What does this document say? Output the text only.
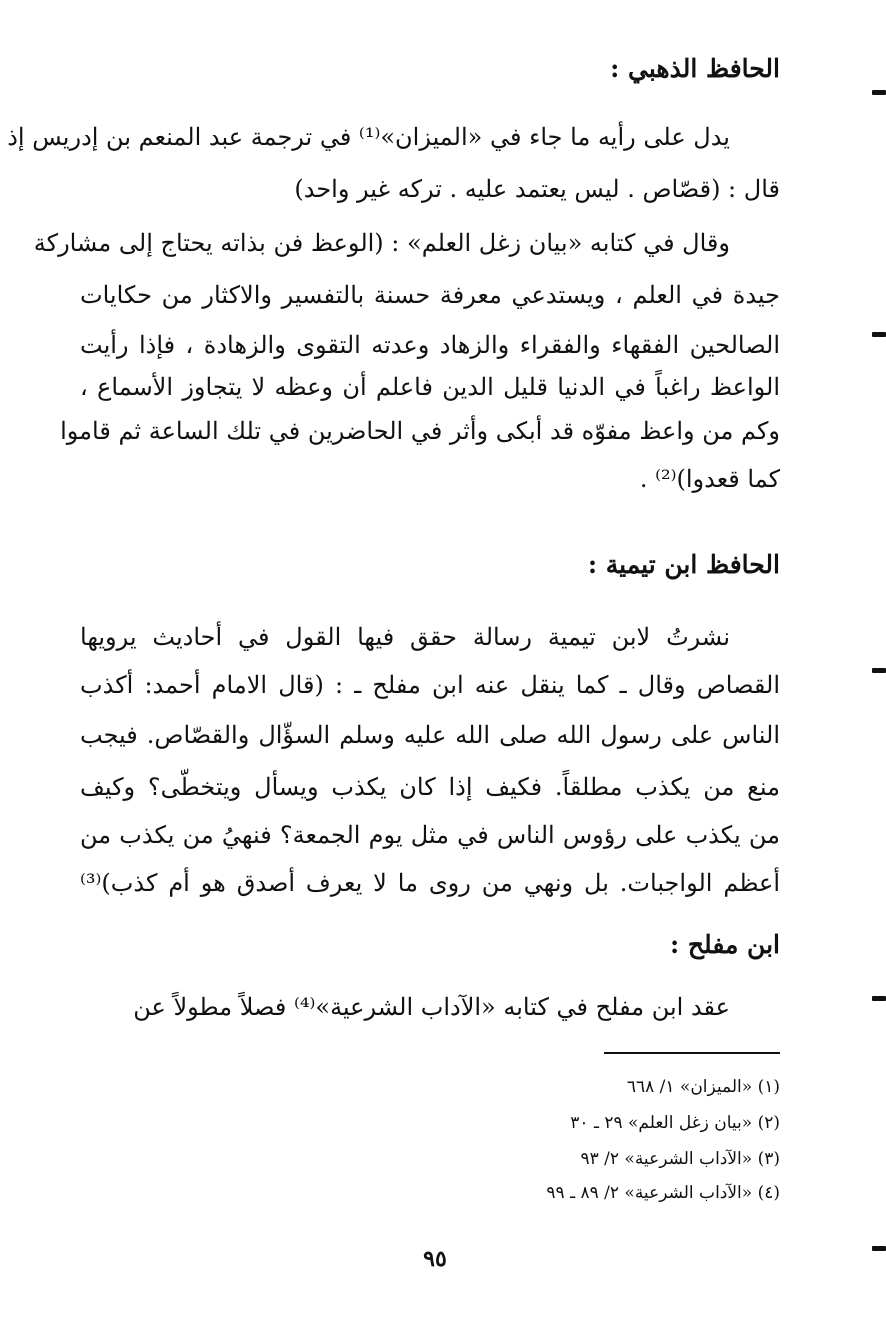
الحافظ الذهبي :
يدل على رأيه ما جاء في «الميزان»⁽¹⁾ في ترجمة عبد المنعم بن إدريس إذ
قال : (قصّاص . ليس يعتمد عليه . تركه غير واحد)
وقال في كتابه «بيان زغل العلم» : (الوعظ فن بذاته يحتاج إلى مشاركة
جيدة في العلم ، ويستدعي معرفة حسنة بالتفسير والاكثار من حكايات
الصالحين الفقهاء والفقراء والزهاد وعدته التقوى والزهادة ، فإذا رأيت
الواعظ راغباً في الدنيا قليل الدين فاعلم أن وعظه لا يتجاوز الأسماع ،
وكم من واعظ مفوّه قد أبكى وأثر في الحاضرين في تلك الساعة ثم قاموا
كما قعدوا)⁽²⁾ .
الحافظ ابن تيمية :
نشرتُ لابن تيمية رسالة حقق فيها القول في أحاديث يرويها
القصاص وقال ـ كما ينقل عنه ابن مفلح ـ : (قال الامام أحمد: أكذب
الناس على رسول الله صلى الله عليه وسلم السؤّال والقصّاص. فيجب
منع من يكذب مطلقاً. فكيف إذا كان يكذب ويسأل ويتخطّى؟ وكيف
من يكذب على رؤوس الناس في مثل يوم الجمعة؟ فنهيُ من يكذب من
أعظم الواجبات. بل ونهي من روى ما لا يعرف أصدق هو أم كذب)⁽³⁾
ابن مفلح :
عقد ابن مفلح في كتابه «الآداب الشرعية»⁽⁴⁾ فصلاً مطولاً عن
(١) «الميزان» ١/ ٦٦٨
(٢) «بيان زغل العلم» ٢٩ ـ ٣٠
(٣) «الآداب الشرعية» ٢/ ٩٣
(٤) «الآداب الشرعية» ٢/ ٨٩ ـ ٩٩
٩٥
